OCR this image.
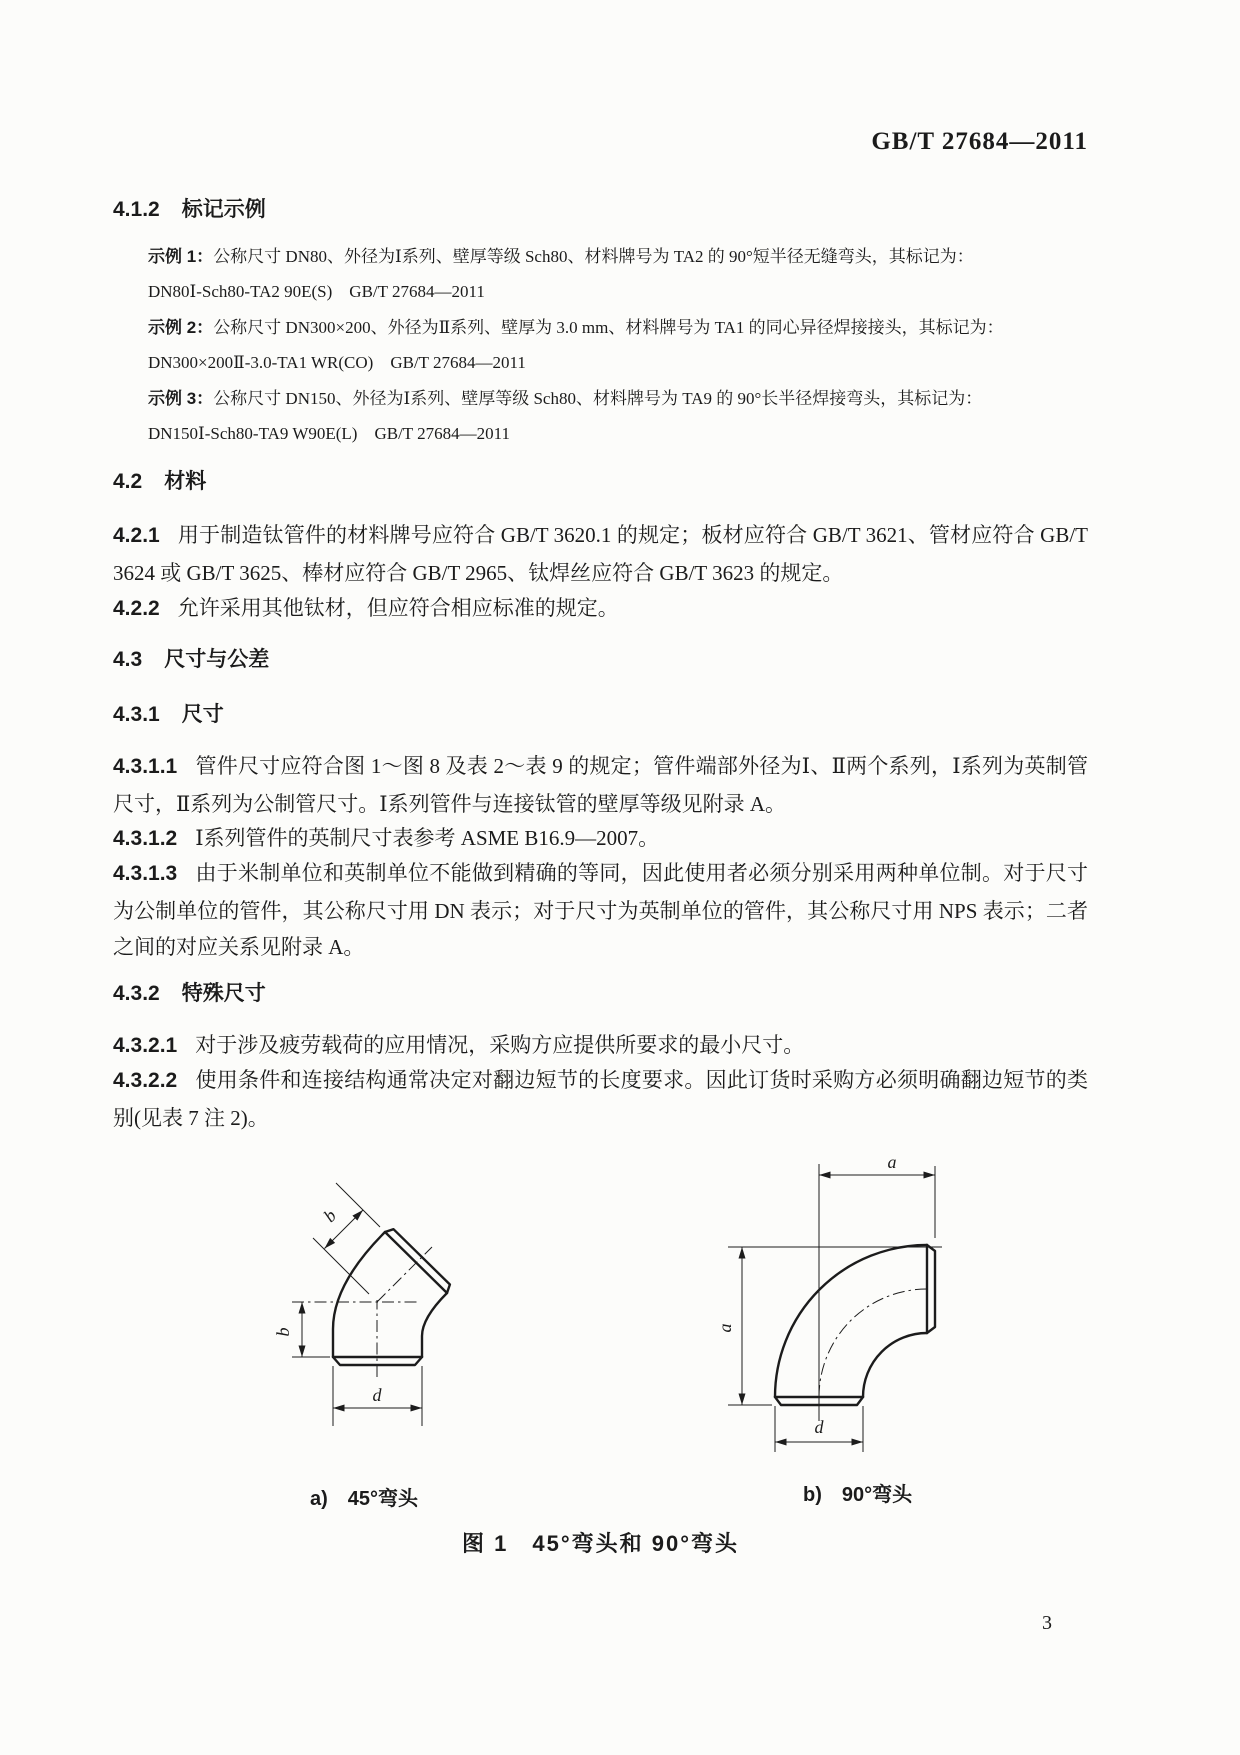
GB/T 27684—2011
4.1.2 标记示例
示例 1：公称尺寸 DN80、外径为Ⅰ系列、壁厚等级 Sch80、材料牌号为 TA2 的 90°短半径无缝弯头，其标记为：
DN80Ⅰ-Sch80-TA2 90E(S)　GB/T 27684—2011
示例 2：公称尺寸 DN300×200、外径为Ⅱ系列、壁厚为 3.0 mm、材料牌号为 TA1 的同心异径焊接接头，其标记为：
DN300×200Ⅱ-3.0-TA1 WR(CO)　GB/T 27684—2011
示例 3：公称尺寸 DN150、外径为Ⅰ系列、壁厚等级 Sch80、材料牌号为 TA9 的 90°长半径焊接弯头，其标记为：
DN150Ⅰ-Sch80-TA9 W90E(L)　GB/T 27684—2011
4.2 材料
4.2.1 用于制造钛管件的材料牌号应符合 GB/T 3620.1 的规定；板材应符合 GB/T 3621、管材应符合 GB/T 3624 或 GB/T 3625、棒材应符合 GB/T 2965、钛焊丝应符合 GB/T 3623 的规定。
4.2.2 允许采用其他钛材，但应符合相应标准的规定。
4.3 尺寸与公差
4.3.1 尺寸
4.3.1.1 管件尺寸应符合图 1～图 8 及表 2～表 9 的规定；管件端部外径为Ⅰ、Ⅱ两个系列，Ⅰ系列为英制管尺寸，Ⅱ系列为公制管尺寸。Ⅰ系列管件与连接钛管的壁厚等级见附录 A。
4.3.1.2 Ⅰ系列管件的英制尺寸表参考 ASME B16.9—2007。
4.3.1.3 由于米制单位和英制单位不能做到精确的等同，因此使用者必须分别采用两种单位制。对于尺寸为公制单位的管件，其公称尺寸用 DN 表示；对于尺寸为英制单位的管件，其公称尺寸用 NPS 表示；二者之间的对应关系见附录 A。
4.3.2 特殊尺寸
4.3.2.1 对于涉及疲劳载荷的应用情况，采购方应提供所要求的最小尺寸。
4.3.2.2 使用条件和连接结构通常决定对翻边短节的长度要求。因此订货时采购方必须明确翻边短节的类别(见表 7 注 2)。
b
b
d
a
a
d
a)　45°弯头	b)　90°弯头
图 1　45°弯头和 90°弯头
3
